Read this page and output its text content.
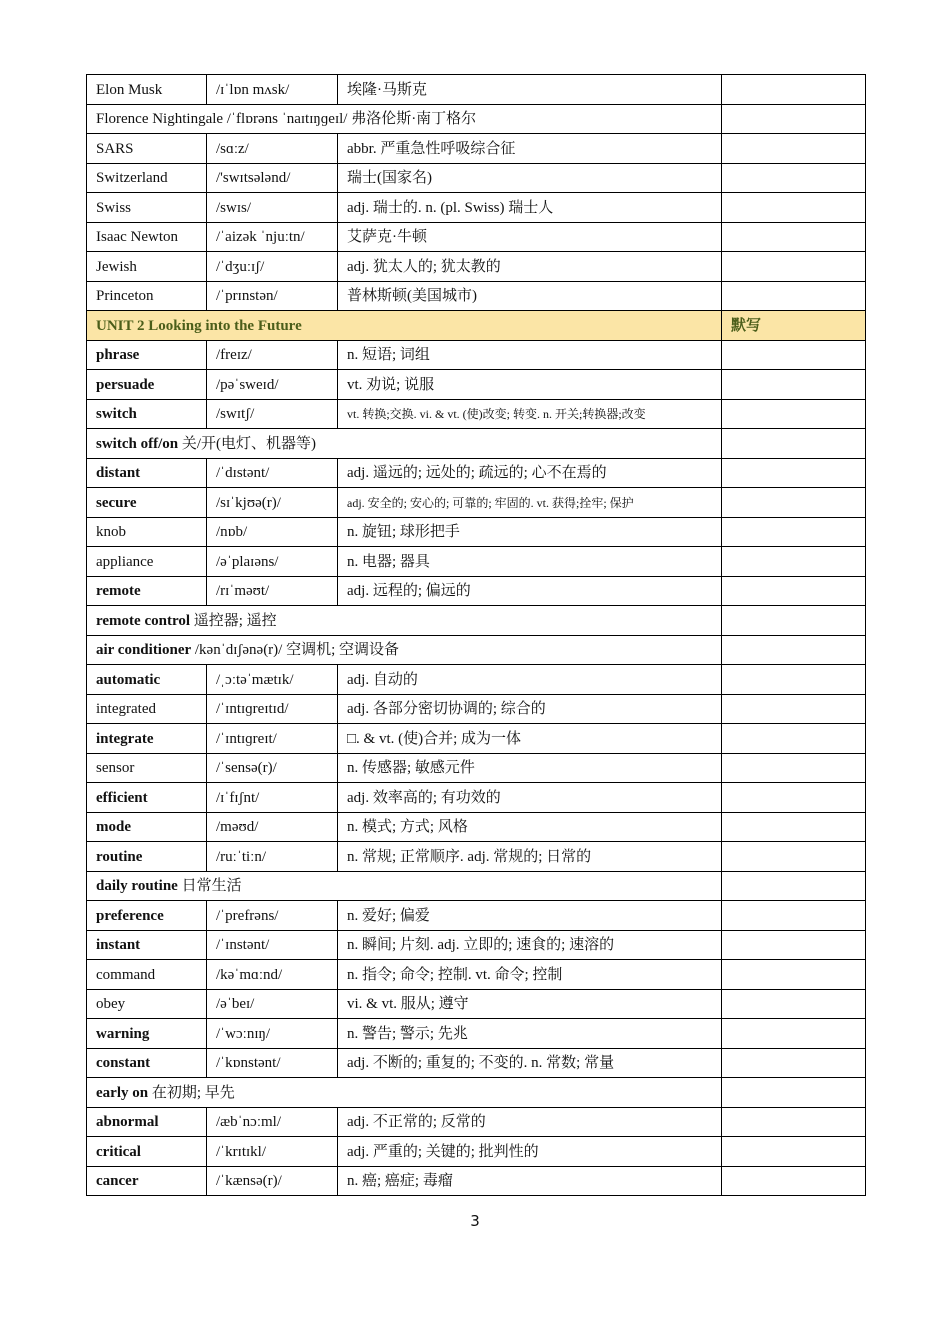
Elon Musk	/ɪˈlɒn mʌsk/	埃隆·马斯克	
Florence Nightingale /ˈflɒrəns ˈnaɪtɪŋɡeɪl/ 弗洛伦斯·南丁格尔			
SARS	/sɑːz/	abbr. 严重急性呼吸综合征	
Switzerland	/'swɪtsələnd/	瑞士(国家名)	
Swiss	/swɪs/	adj. 瑞士的. n. (pl. Swiss) 瑞士人	
Isaac Newton	/ˈaizək ˈnjuːtn/	艾萨克·牛顿	
Jewish	/ˈdʒuːɪʃ/	adj. 犹太人的; 犹太教的	
Princeton	/ˈprɪnstən/	普林斯顿(美国城市)	
UNIT 2 Looking into the Future			默写
phrase	/freɪz/	n. 短语; 词组	
persuade	/pəˈsweɪd/	vt. 劝说; 说服	
switch	/swɪtʃ/	vt. 转换;交换. vi. & vt. (使)改变; 转变. n. 开关;转换器;改变	
switch off/on 关/开(电灯、机器等)			
distant	/ˈdɪstənt/	adj. 遥远的; 远处的; 疏远的; 心不在焉的	
secure	/sɪˈkjʊə(r)/	adj. 安全的; 安心的; 可靠的; 牢固的. vt. 获得;拴牢; 保护	
knob	/nɒb/	n. 旋钮; 球形把手	
appliance	/əˈplaɪəns/	n. 电器; 器具	
remote	/rɪˈməʊt/	adj. 远程的; 偏远的	
remote control 遥控器; 遥控			
air conditioner /kənˈdɪʃənə(r)/ 空调机; 空调设备			
automatic	/ˌɔːtəˈmætɪk/	adj. 自动的	
integrated	/ˈɪntɪɡreɪtɪd/	adj. 各部分密切协调的; 综合的	
integrate	/ˈɪntɪɡreɪt/	□. & vt. (使)合并; 成为一体	
sensor	/ˈsensə(r)/	n. 传感器; 敏感元件	
efficient	/ɪˈfɪʃnt/	adj. 效率高的; 有功效的	
mode	/məʊd/	n. 模式; 方式; 风格	
routine	/ruːˈtiːn/	n. 常规; 正常顺序. adj. 常规的; 日常的	
daily routine 日常生活			
preference	/ˈprefrəns/	n. 爱好; 偏爱	
instant	/ˈɪnstənt/	n. 瞬间; 片刻. adj. 立即的; 速食的; 速溶的	
command	/kəˈmɑːnd/	n. 指令; 命令; 控制. vt. 命令; 控制	
obey	/əˈbeɪ/	vi. & vt. 服从; 遵守	
warning	/ˈwɔːnɪŋ/	n. 警告; 警示; 先兆	
constant	/ˈkɒnstənt/	adj. 不断的; 重复的; 不变的. n. 常数; 常量	
early on 在初期; 早先			
abnormal	/æbˈnɔːml/	adj. 不正常的; 反常的	
critical	/ˈkrɪtɪkl/	adj. 严重的; 关键的; 批判性的	
cancer	/ˈkænsə(r)/	n. 癌; 癌症; 毒瘤	
3
